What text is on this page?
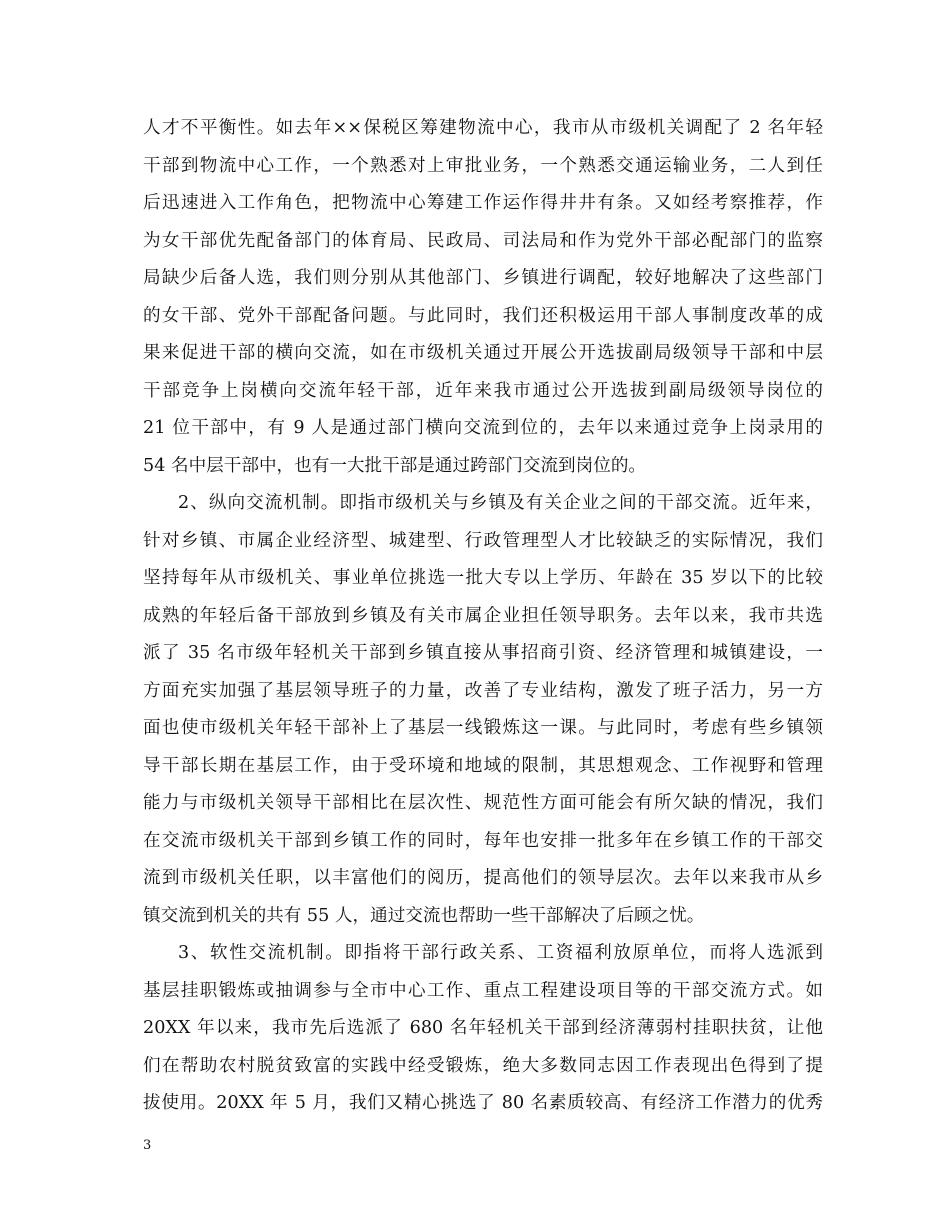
人才不平衡性。如去年××保税区筹建物流中心，我市从市级机关调配了 2 名年轻
干部到物流中心工作，一个熟悉对上审批业务，一个熟悉交通运输业务，二人到任
后迅速进入工作角色，把物流中心筹建工作运作得井井有条。又如经考察推荐，作
为女干部优先配备部门的体育局、民政局、司法局和作为党外干部必配部门的监察
局缺少后备人选，我们则分别从其他部门、乡镇进行调配，较好地解决了这些部门
的女干部、党外干部配备问题。与此同时，我们还积极运用干部人事制度改革的成
果来促进干部的横向交流，如在市级机关通过开展公开选拔副局级领导干部和中层
干部竞争上岗横向交流年轻干部，近年来我市通过公开选拔到副局级领导岗位的
21 位干部中，有 9 人是通过部门横向交流到位的，去年以来通过竞争上岗录用的
54 名中层干部中，也有一大批干部是通过跨部门交流到岗位的。
2、纵向交流机制。即指市级机关与乡镇及有关企业之间的干部交流。近年来，
针对乡镇、市属企业经济型、城建型、行政管理型人才比较缺乏的实际情况，我们
坚持每年从市级机关、事业单位挑选一批大专以上学历、年龄在 35 岁以下的比较
成熟的年轻后备干部放到乡镇及有关市属企业担任领导职务。去年以来，我市共选
派了 35 名市级年轻机关干部到乡镇直接从事招商引资、经济管理和城镇建设，一
方面充实加强了基层领导班子的力量，改善了专业结构，激发了班子活力，另一方
面也使市级机关年轻干部补上了基层一线锻炼这一课。与此同时，考虑有些乡镇领
导干部长期在基层工作，由于受环境和地域的限制，其思想观念、工作视野和管理
能力与市级机关领导干部相比在层次性、规范性方面可能会有所欠缺的情况，我们
在交流市级机关干部到乡镇工作的同时，每年也安排一批多年在乡镇工作的干部交
流到市级机关任职，以丰富他们的阅历，提高他们的领导层次。去年以来我市从乡
镇交流到机关的共有 55 人，通过交流也帮助一些干部解决了后顾之忧。
3、软性交流机制。即指将干部行政关系、工资福利放原单位，而将人选派到
基层挂职锻炼或抽调参与全市中心工作、重点工程建设项目等的干部交流方式。如
20XX 年以来，我市先后选派了 680 名年轻机关干部到经济薄弱村挂职扶贫，让他
们在帮助农村脱贫致富的实践中经受锻炼，绝大多数同志因工作表现出色得到了提
拔使用。20XX 年 5 月，我们又精心挑选了 80 名素质较高、有经济工作潜力的优秀
3
